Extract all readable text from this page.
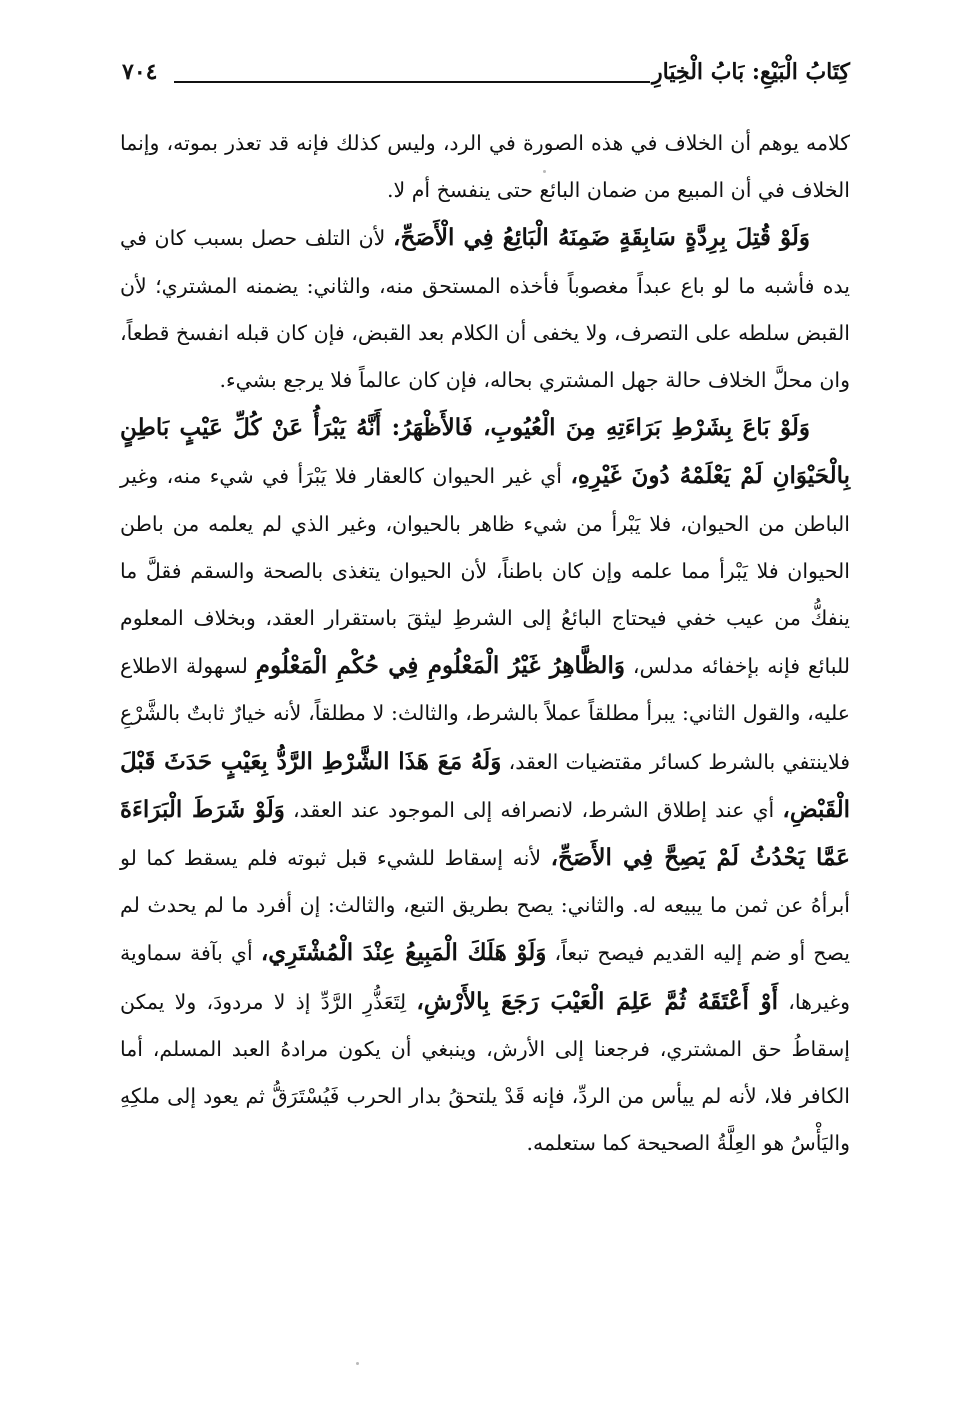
٧٠٤	كِتَابُ الْبَيْعِ: بَابُ الْخِيَارِ

كلامه يوهم أن الخلاف في هذه الصورة في الرد، وليس كذلك فإنه قد تعذر بموته، وإنما الخلاف في أن المبيع من ضمان البائع حتى ينفسخ أم لا.

وَلَوْ قُتِلَ بِرِدَّةٍ سَابِقَةٍ ضَمِنَهُ الْبَائِعُ فِي الْأَصَحِّ، لأن التلف حصل بسبب كان في يده فأشبه ما لو باع عبداً مغصوباً فأخذه المستحق منه، والثاني: يضمنه المشتري؛ لأن القبض سلطه على التصرف، ولا يخفى أن الكلام بعد القبض، فإن كان قبله انفسخ قطعاً، وان محلَّ الخلاف حالة جهل المشتري بحاله، فإن كان عالماً فلا يرجع بشيء.

وَلَوْ بَاعَ بِشَرْطِ بَرَاءَتِهِ مِنَ الْعُيُوبِ، فَالأَظْهَرُ: أَنَّهُ يَبْرَأُ عَنْ كُلِّ عَيْبٍ بَاطِنٍ بِالْحَيْوَانِ لَمْ يَعْلَمْهُ دُونَ غَيْرِهِ، أي غير الحيوان كالعقار فلا يَبْرَأ في شيء منه، وغير الباطن من الحيوان، فلا يَبْرأ من شيء ظاهر بالحيوان، وغير الذي لم يعلمه من باطن الحيوان فلا يَبْرأ مما علمه وإن كان باطناً، لأن الحيوان يتغذى بالصحة والسقم فقلَّ ما ينفكُّ من عيب خفي فيحتاج البائعُ إلى الشرطِ ليثقَ باستقرار العقد، وبخلاف المعلوم للبائع فإنه بإخفائه مدلس، وَالظَّاهِرُ غَيْرُ الْمَعْلُومِ فِي حُكْمِ الْمَعْلُومِ لسهولة الاطلاع عليه، والقول الثاني: يبرأ مطلقاً عملاً بالشرط، والثالث: لا مطلقاً، لأنه خيارٌ ثابتٌ بالشَّرْعِ فلاينتفي بالشرط كسائر مقتضيات العقد، وَلَهُ مَعَ هَذَا الشَّرْطِ الرَّدُّ بِعَيْبٍ حَدَثَ قَبْلَ الْقَبْضِ، أي عند إطلاق الشرط، لانصرافه إلى الموجود عند العقد، وَلَوْ شَرَطَ الْبَرَاءَةَ عَمَّا يَحْدُثُ لَمْ يَصِحَّ فِي الأَصَحِّ، لأنه إسقاط للشيء قبل ثبوته فلم يسقط كما لو أبرأهُ عن ثمن ما يبيعه له. والثاني: يصح بطريق التبع، والثالث: إن أفرد ما لم يحدث لم يصح أو ضم إليه القديم فيصح تبعاً، وَلَوْ هَلَكَ الْمَبِيعُ عِنْدَ الْمُشْتَرِي، أي بآفة سماوية وغيرها، أَوْ أَعْتَقَهُ ثُمَّ عَلِمَ الْعَيْبَ رَجَعَ بِالأَرْشِ، لِتَعَذُّرِ الرَّدِّ إذ لا مردودَ، ولا يمكن إسقاطُ حق المشتري، فرجعنا إلى الأرش، وينبغي أن يكون مرادهُ العبد المسلم، أما الكافر فلا، لأنه لم ييأس من الردِّ، فإنه قَدْ يلتحقُ بدار الحرب فَيُسْتَرَقُّ ثم يعود إلى ملكِهِ واليَأْسُ هو العِلَّةُ الصحيحة كما ستعلمه.
